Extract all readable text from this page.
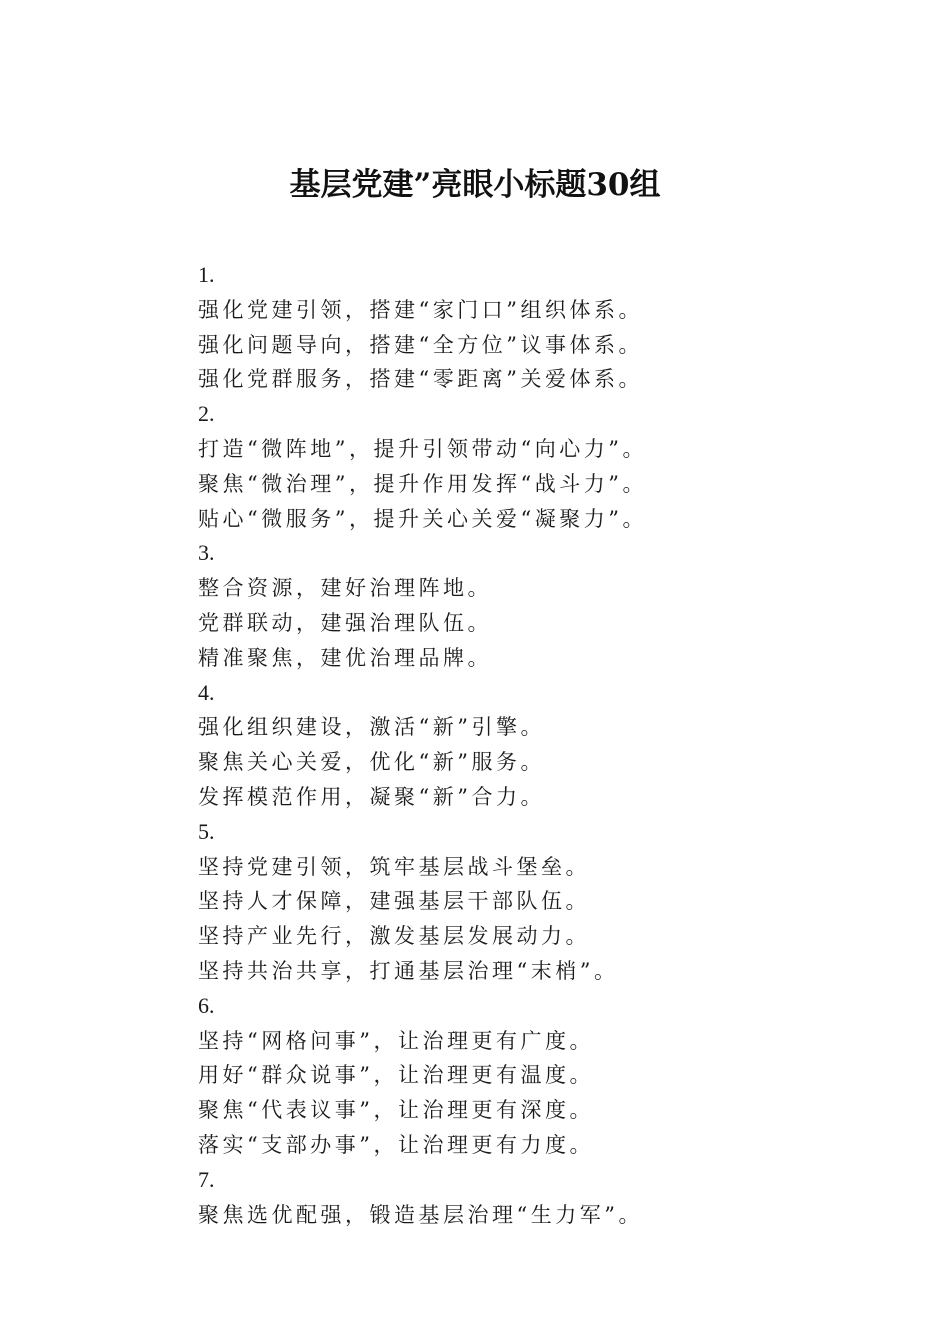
基层党建”亮眼小标题30组
1.
强化党建引领，搭建“家门口”组织体系。
强化问题导向，搭建“全方位”议事体系。
强化党群服务，搭建“零距离”关爱体系。
2.
打造“微阵地”，提升引领带动“向心力”。
聚焦“微治理”，提升作用发挥“战斗力”。
贴心“微服务”，提升关心关爱“凝聚力”。
3.
整合资源，建好治理阵地。
党群联动，建强治理队伍。
精准聚焦，建优治理品牌。
4.
强化组织建设，激活“新”引擎。
聚焦关心关爱，优化“新”服务。
发挥模范作用，凝聚“新”合力。
5.
坚持党建引领，筑牢基层战斗堡垒。
坚持人才保障，建强基层干部队伍。
坚持产业先行，激发基层发展动力。
坚持共治共享，打通基层治理“末梢”。
6.
坚持“网格问事”，让治理更有广度。
用好“群众说事”，让治理更有温度。
聚焦“代表议事”，让治理更有深度。
落实“支部办事”，让治理更有力度。
7.
聚焦选优配强，锻造基层治理“生力军”。
